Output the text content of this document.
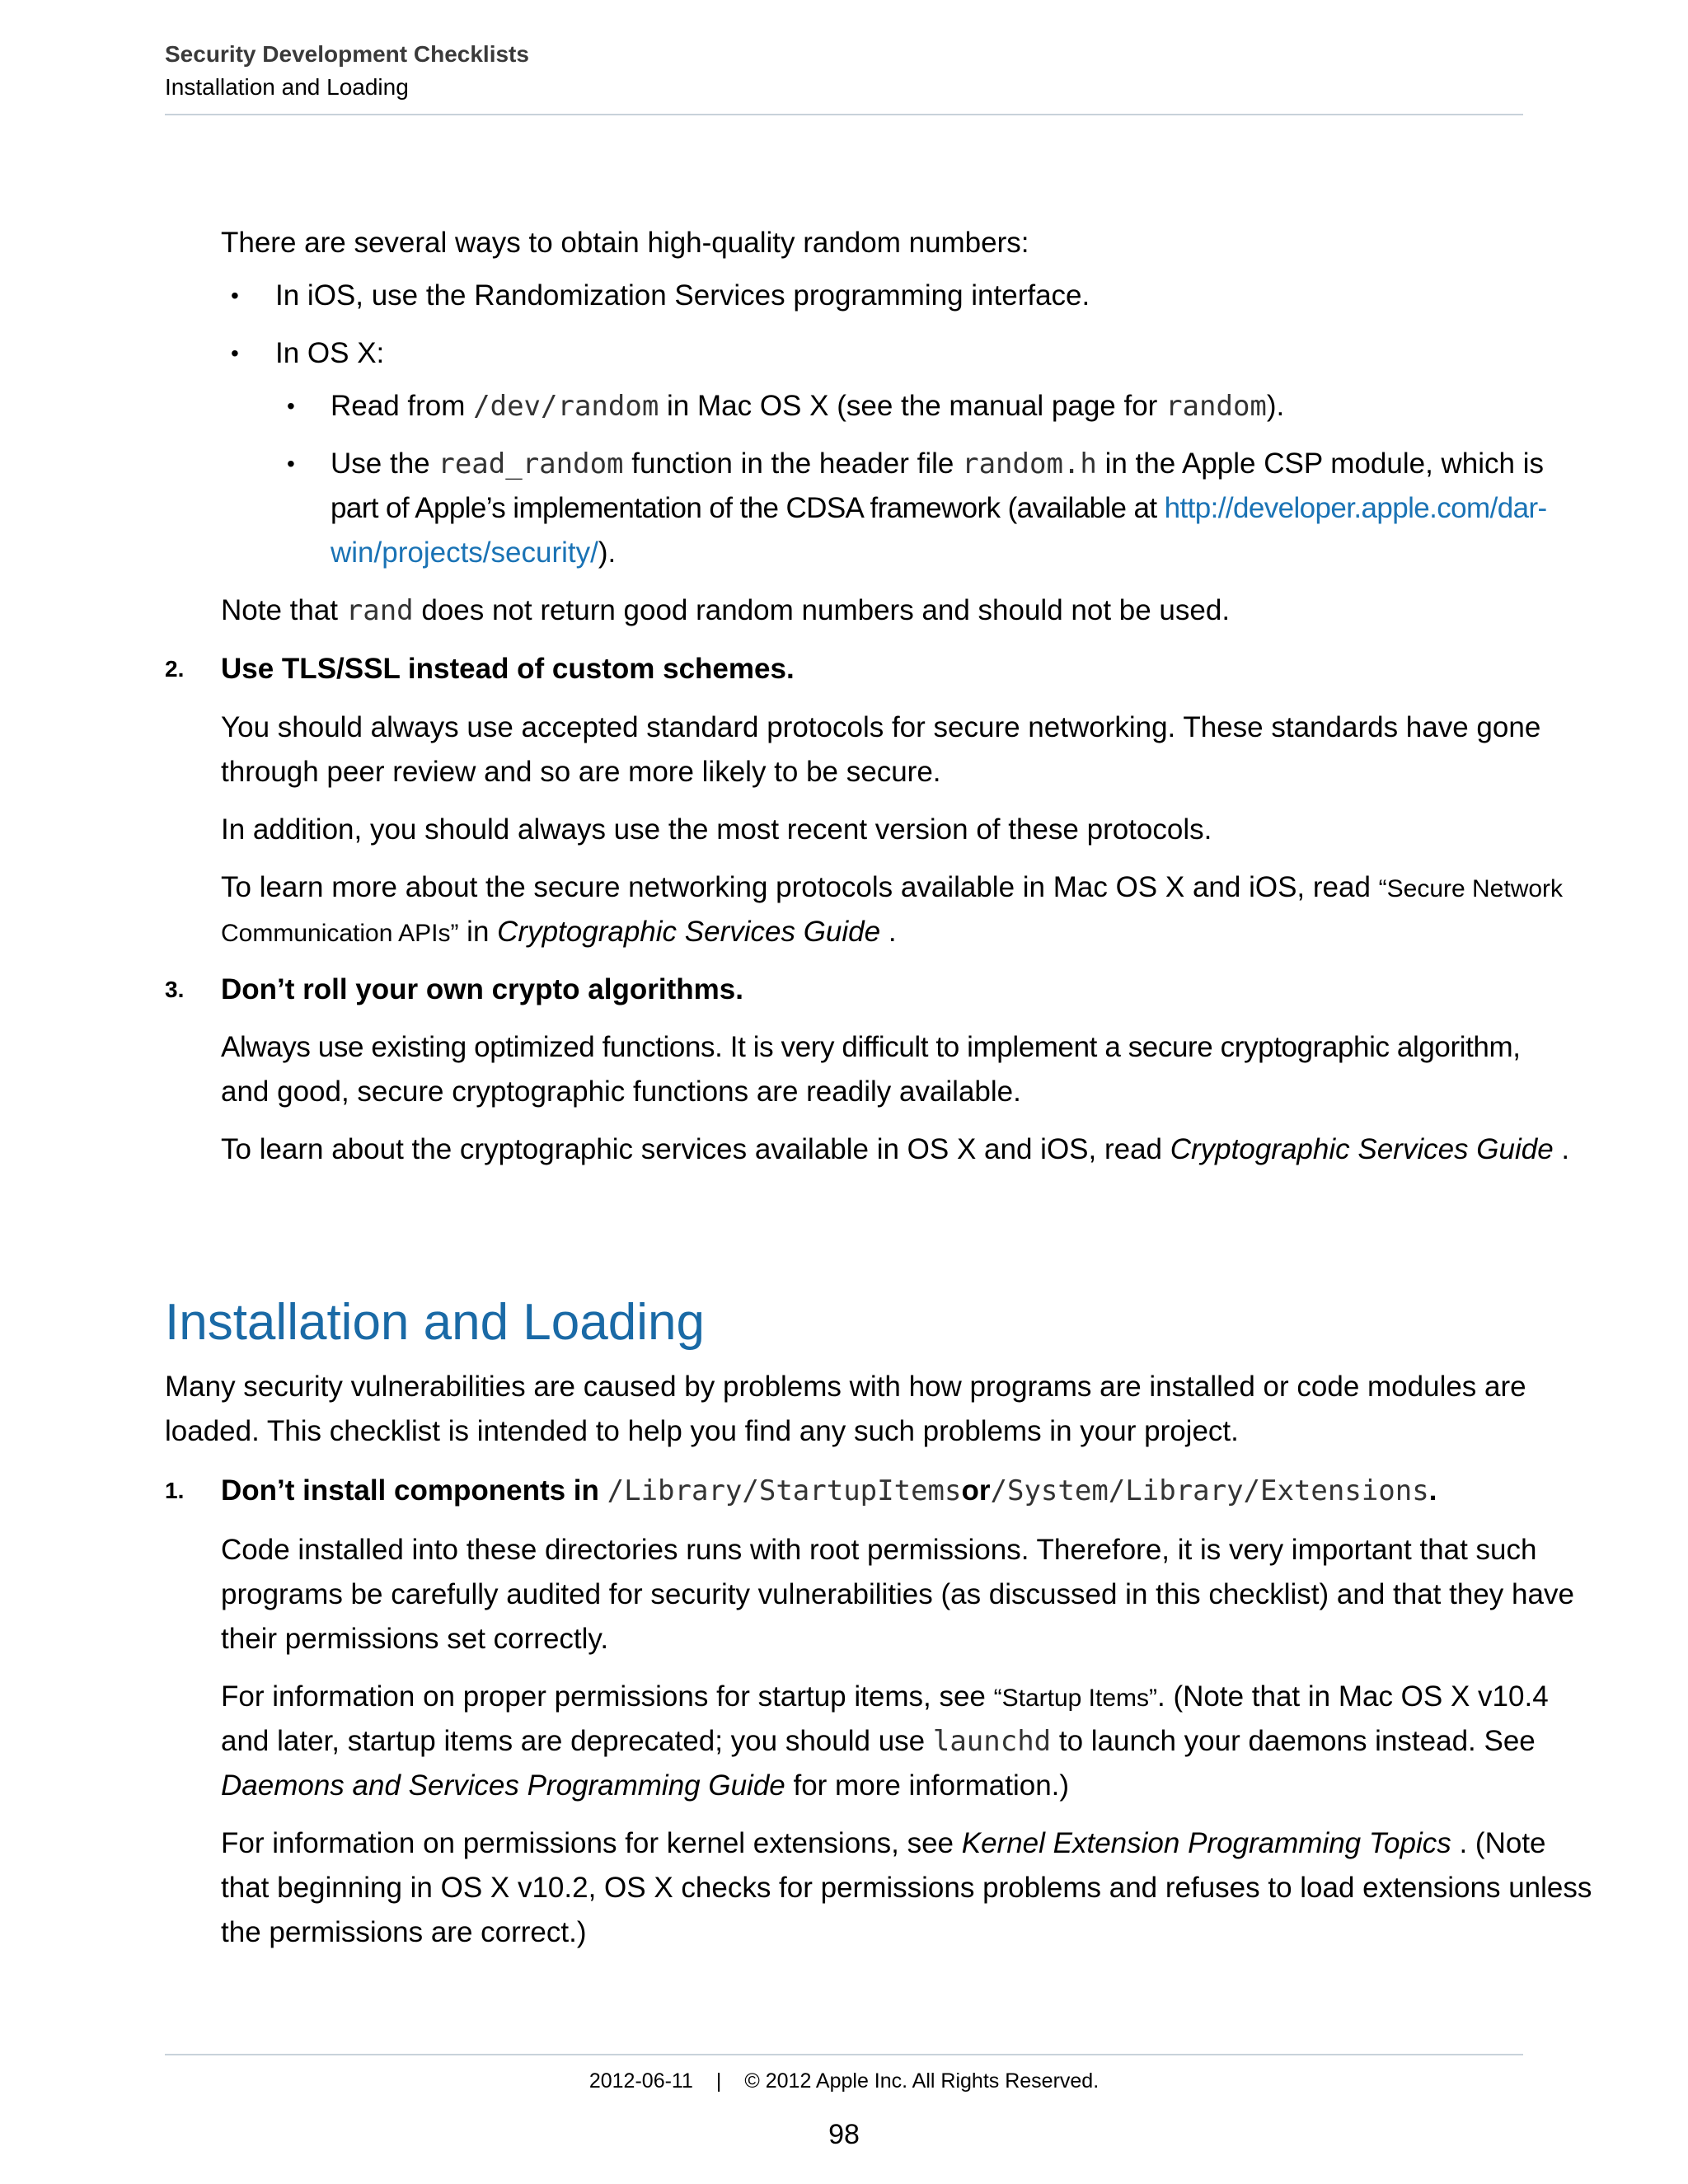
Security Development Checklists
Installation and Loading
There are several ways to obtain high-quality random numbers:
• In iOS, use the Randomization Services programming interface.
• In OS X:
• Read from /dev/random in Mac OS X (see the manual page for random).
• Use the read_random function in the header file random.h in the Apple CSP module, which is
part of Apple’s implementation of the CDSA framework (available at http://developer.apple.com/dar-
win/projects/security/).
Note that rand does not return good random numbers and should not be used.
2. Use TLS/SSL instead of custom schemes.
You should always use accepted standard protocols for secure networking. These standards have gone
through peer review and so are more likely to be secure.
In addition, you should always use the most recent version of these protocols.
To learn more about the secure networking protocols available in Mac OS X and iOS, read “Secure Network
Communication APIs” in Cryptographic Services Guide .
3. Don’t roll your own crypto algorithms.
Always use existing optimized functions. It is very difficult to implement a secure cryptographic algorithm,
and good, secure cryptographic functions are readily available.
To learn about the cryptographic services available in OS X and iOS, read Cryptographic Services Guide .
Installation and Loading
Many security vulnerabilities are caused by problems with how programs are installed or code modules are
loaded. This checklist is intended to help you find any such problems in your project.
1. Don’t install components in /Library/StartupItemsor/System/Library/Extensions.
Code installed into these directories runs with root permissions. Therefore, it is very important that such
programs be carefully audited for security vulnerabilities (as discussed in this checklist) and that they have
their permissions set correctly.
For information on proper permissions for startup items, see “Startup Items”. (Note that in Mac OS X v10.4
and later, startup items are deprecated; you should use launchd to launch your daemons instead. See
Daemons and Services Programming Guide for more information.)
For information on permissions for kernel extensions, see Kernel Extension Programming Topics . (Note
that beginning in OS X v10.2, OS X checks for permissions problems and refuses to load extensions unless
the permissions are correct.)
2012-06-11 | © 2012 Apple Inc. All Rights Reserved.
98
